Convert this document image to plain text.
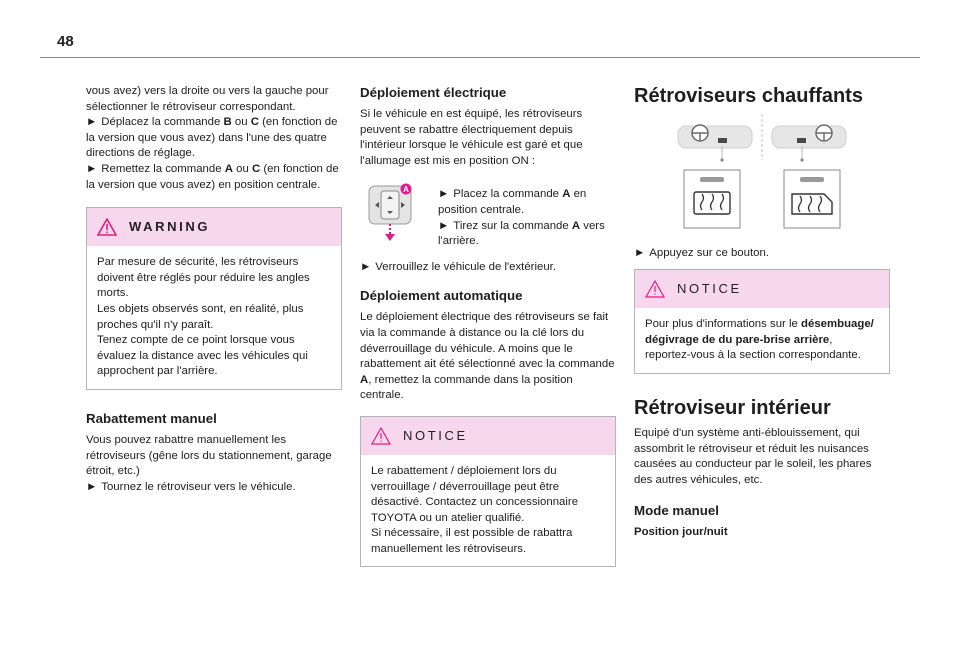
48

vous avez) vers la droite ou vers la gauche pour sélectionner le rétroviseur correspondant.

► Déplacez la commande B ou C (en fonction de la version que vous avez) dans l'une des quatre directions de réglage.

► Remettez la commande A ou C (en fonction de la version que vous avez) en position centrale.

WARNING

Par mesure de sécurité, les rétroviseurs doivent être réglés pour réduire les angles morts.

Les objets observés sont, en réalité, plus proches qu'il n'y paraît.

Tenez compte de ce point lorsque vous évaluez la distance avec les véhicules qui approchent par l'arrière.

Rabattement manuel

Vous pouvez rabattre manuellement les rétroviseurs (gêne lors du stationnement, garage étroit, etc.)

► Tournez le rétroviseur vers le véhicule.

Déploiement électrique

Si le véhicule en est équipé, les rétroviseurs peuvent se rabattre électriquement depuis l'intérieur lorsque le véhicule est garé et que l'allumage est mis en position ON :

A	► Placez la commande A en position centrale.

► Tirez sur la commande A vers l'arrière.

► Verrouillez le véhicule de l'extérieur.

Déploiement automatique

Le déploiement électrique des rétroviseurs se fait via la commande à distance ou la clé lors du déverrouillage du véhicule. A moins que le rabattement ait été sélectionné avec la commande A, remettez la commande dans la position centrale.

NOTICE

Le rabattement / déploiement lors du verrouillage / déverrouillage peut être désactivé. Contactez un concessionnaire TOYOTA ou un atelier qualifié.

Si nécessaire, il est possible de rabattra manuellement les rétroviseurs.

Rétroviseurs chauffants

► Appuyez sur ce bouton.

NOTICE

Pour plus d'informations sur le désembuage/ dégivrage de du pare-brise arrière, reportez-vous à la section correspondante.

Rétroviseur intérieur

Equipé d'un système anti-éblouissement, qui assombrit le rétroviseur et réduit les nuisances causées au conducteur par le soleil, les phares des autres véhicules, etc.

Mode manuel

Position jour/nuit
